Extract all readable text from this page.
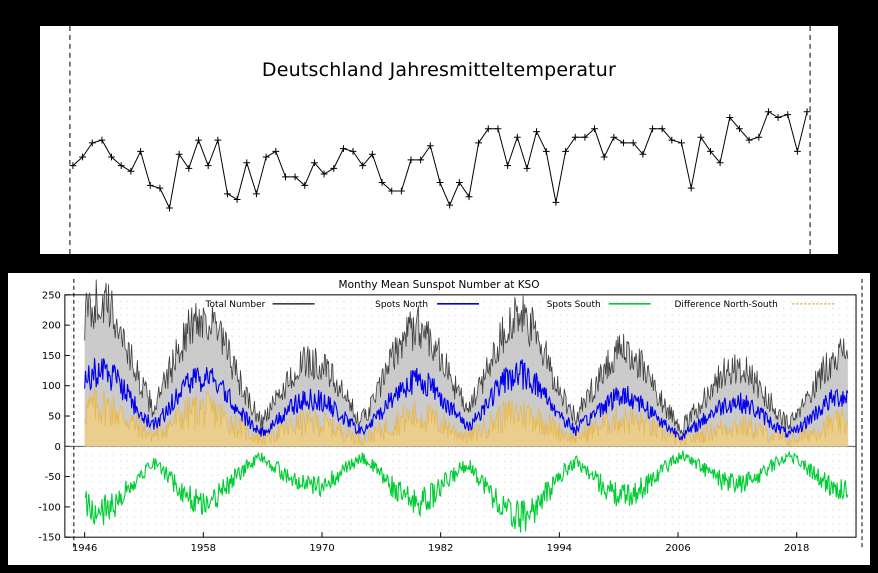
Deutschland Jahresmitteltemperatur
Monthy Mean Sunspot Number at KSO
250
200
150
100
50
0
-50
-100
-150
1946	1958	1970	1982	1994	2006	2018
Total Number	Spots North	Spots South	Difference North-South
